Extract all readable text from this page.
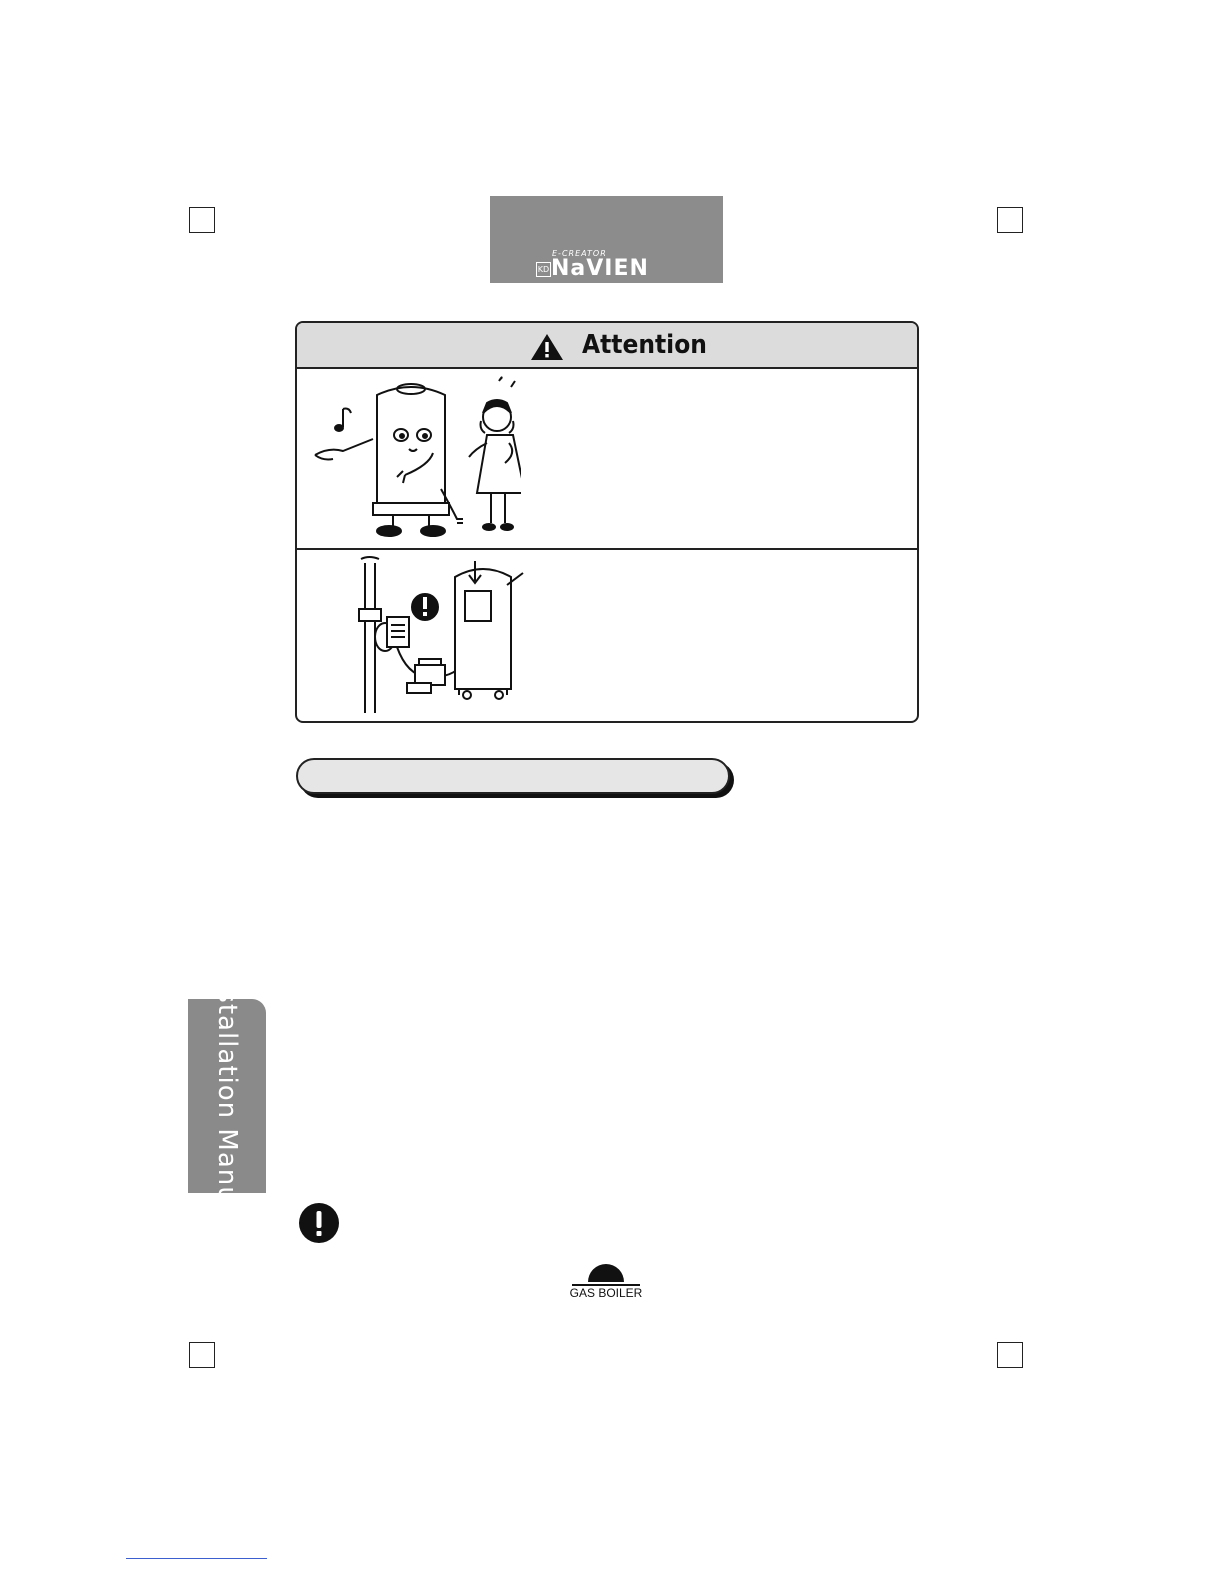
E-CREATOR
KD NaVIEN
Attention
Installation Manual
GAS BOILER
